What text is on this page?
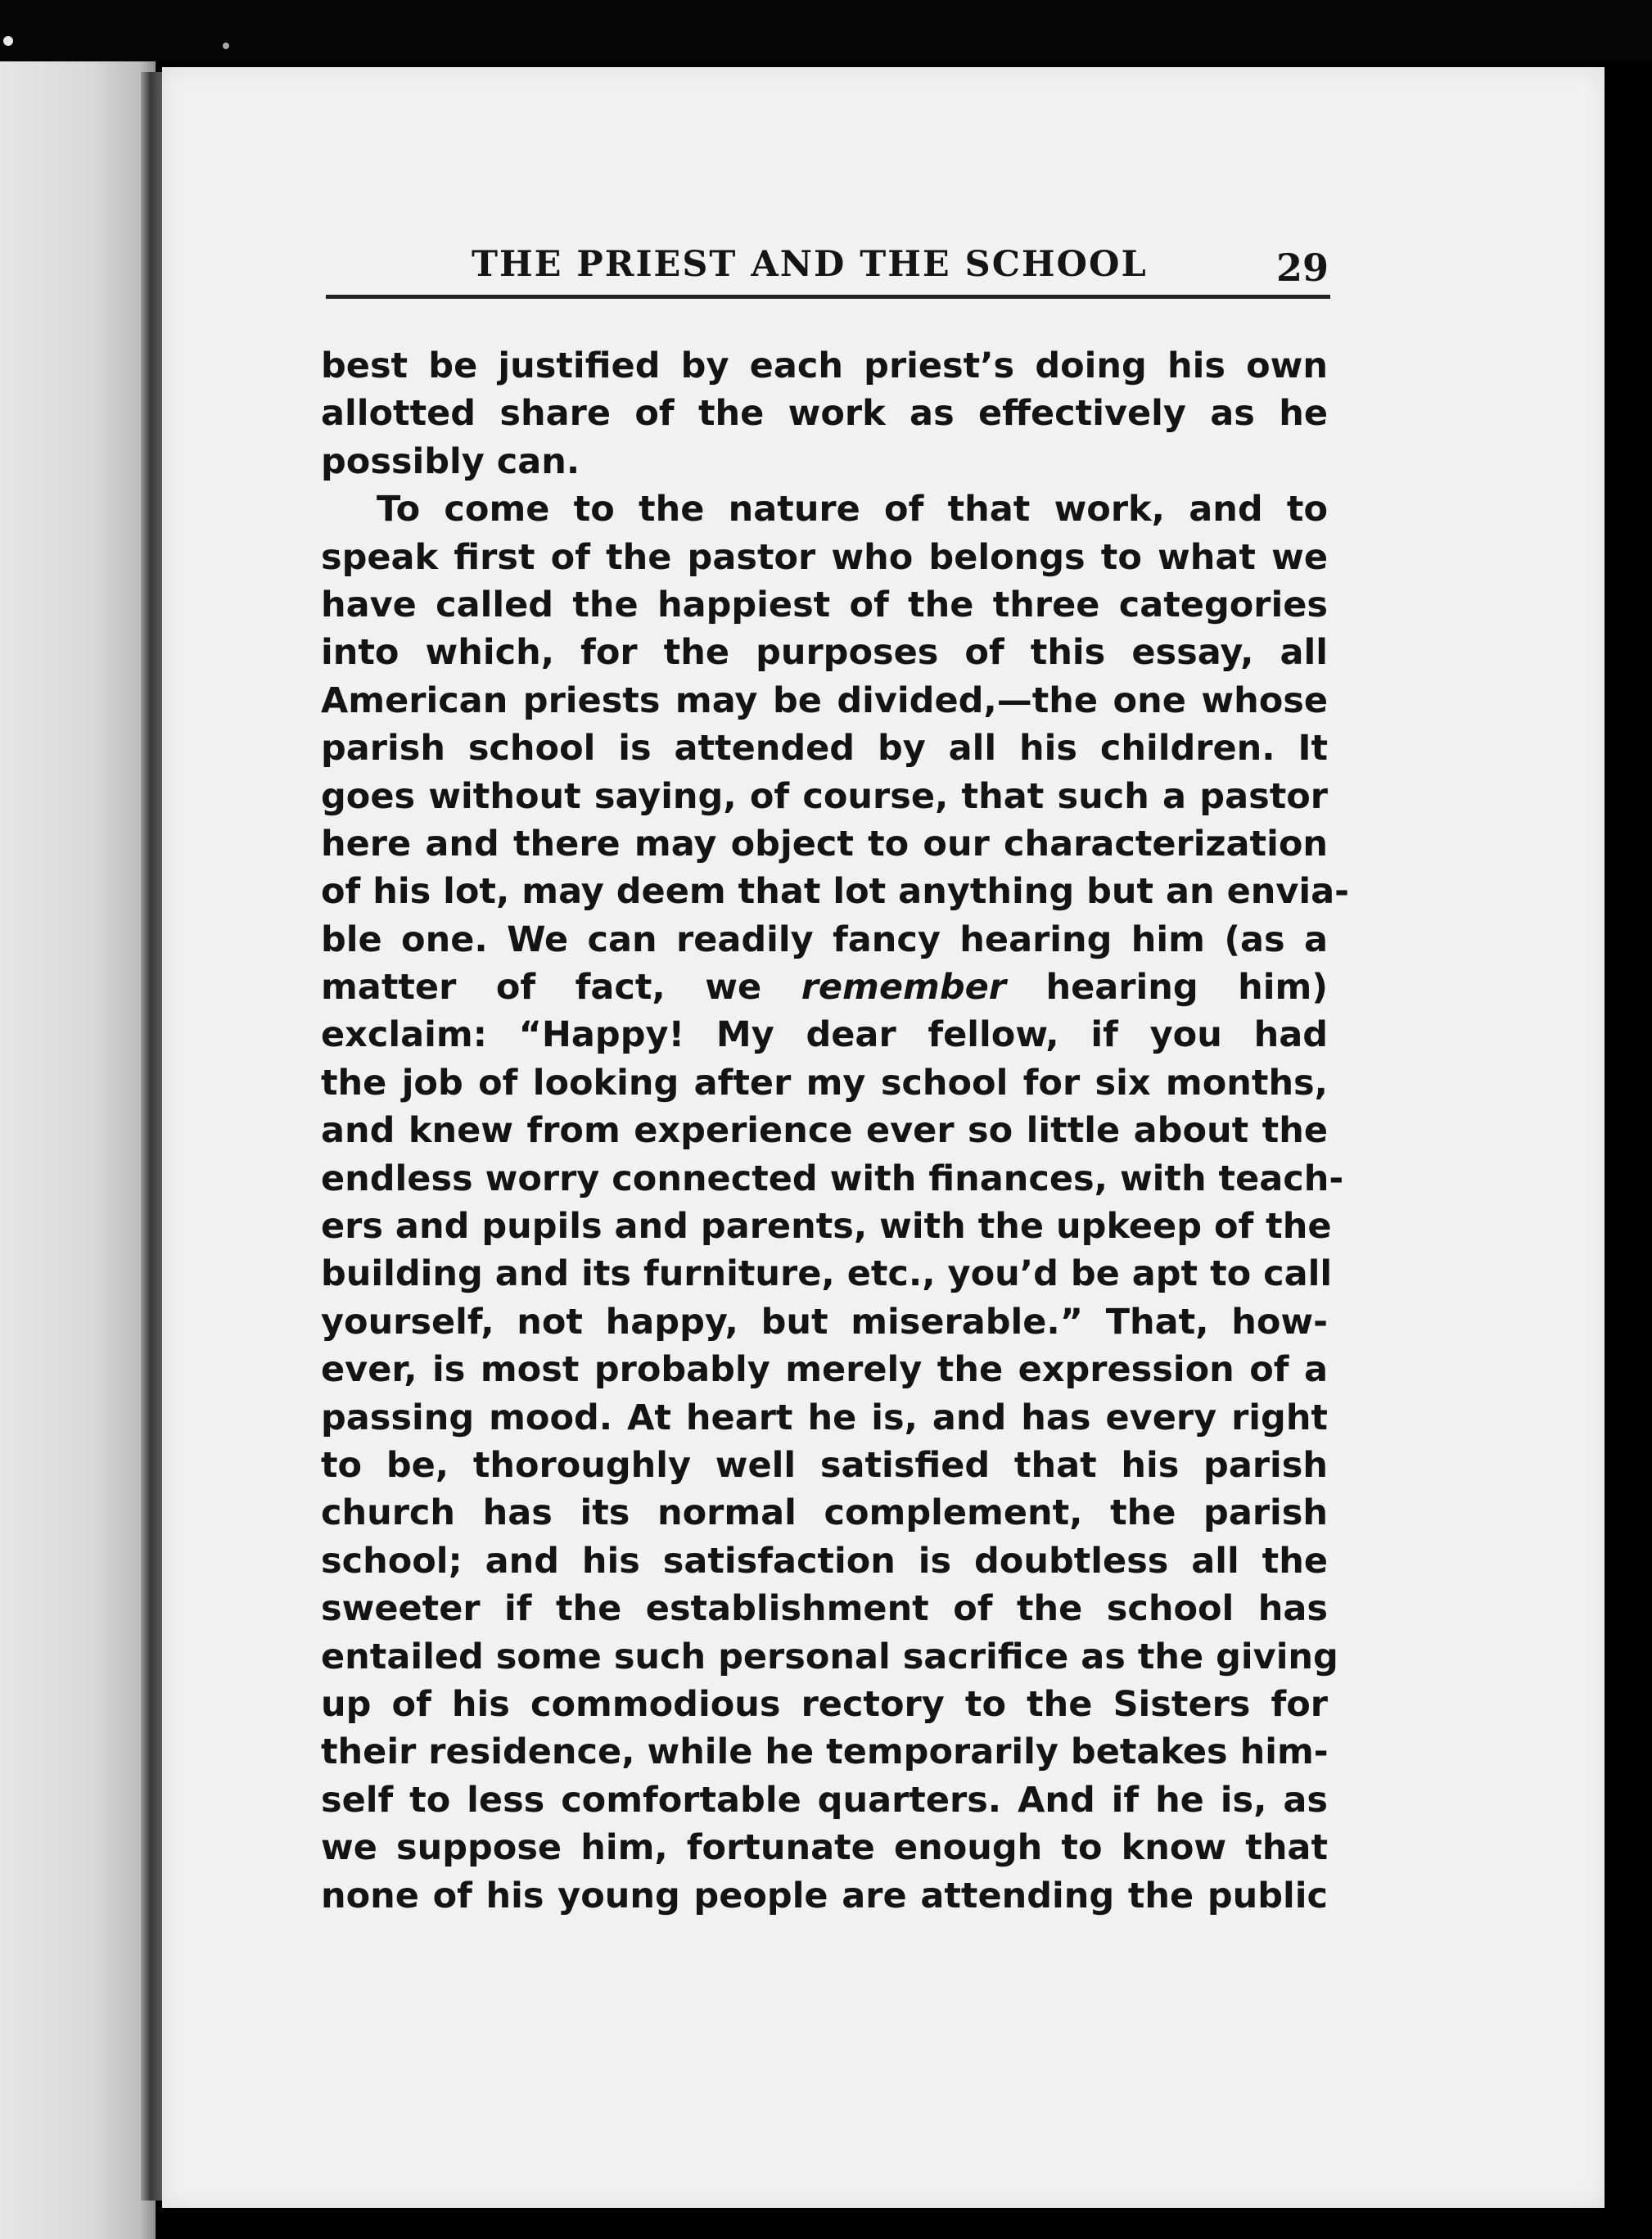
THE PRIEST AND THE SCHOOL	29
best be justified by each priest’s doing his own
allotted share of the work as effectively as he
possibly can.
To come to the nature of that work, and to
speak first of the pastor who belongs to what we
have called the happiest of the three categories
into which, for the purposes of this essay, all
American priests may be divided,—the one whose
parish school is attended by all his children. It
goes without saying, of course, that such a pastor
here and there may object to our characterization
of his lot, may deem that lot anything but an envia-
ble one. We can readily fancy hearing him (as a
matter of fact, we remember hearing him)
exclaim: “Happy! My dear fellow, if you had
the job of looking after my school for six months,
and knew from experience ever so little about the
endless worry connected with finances, with teach-
ers and pupils and parents, with the upkeep of the
building and its furniture, etc., you’d be apt to call
yourself, not happy, but miserable.” That, how-
ever, is most probably merely the expression of a
passing mood. At heart he is, and has every right
to be, thoroughly well satisfied that his parish
church has its normal complement, the parish
school; and his satisfaction is doubtless all the
sweeter if the establishment of the school has
entailed some such personal sacrifice as the giving
up of his commodious rectory to the Sisters for
their residence, while he temporarily betakes him-
self to less comfortable quarters. And if he is, as
we suppose him, fortunate enough to know that
none of his young people are attending the public
